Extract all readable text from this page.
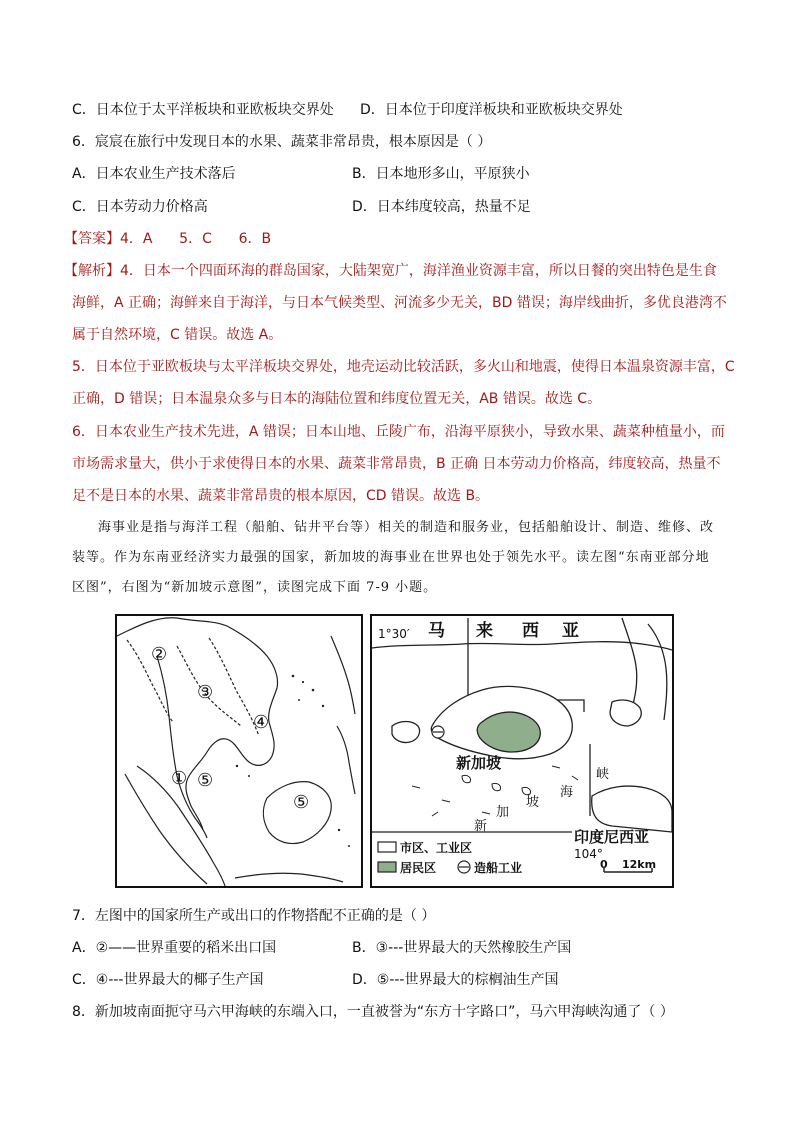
C．日本位于太平洋板块和亚欧板块交界处 D．日本位于印度洋板块和亚欧板块交界处
6．宸宸在旅行中发现日本的水果、蔬菜非常昂贵，根本原因是（ ）
A．日本农业生产技术落后	B．日本地形多山，平原狭小
C．日本劳动力价格高	D．日本纬度较高，热量不足
【答案】4．A      5．C      6．B
【解析】4．日本一个四面环海的群岛国家，大陆架宽广，海洋渔业资源丰富，所以日餐的突出特色是生食
海鲜，A 正确；海鲜来自于海洋，与日本气候类型、河流多少无关，BD 错误；海岸线曲折，多优良港湾不
属于自然环境，C 错误。故选 A。
5．日本位于亚欧板块与太平洋板块交界处，地壳运动比较活跃，多火山和地震，使得日本温泉资源丰富，C
正确，D 错误；日本温泉众多与日本的海陆位置和纬度位置无关，AB 错误。故选 C。
6．日本农业生产技术先进，A 错误；日本山地、丘陵广布，沿海平原狭小，导致水果、蔬菜种植量小，而
市场需求量大，供小于求使得日本的水果、蔬菜非常昂贵，B 正确 日本劳动力价格高，纬度较高，热量不
足不是日本的水果、蔬菜非常昂贵的根本原因，CD 错误。故选 B。
海事业是指与海洋工程（船舶、钻井平台等）相关的制造和服务业，包括船舶设计、制造、维修、改
装等。作为东南亚经济实力最强的国家，新加坡的海事业在世界也处于领先水平。读左图“东南亚部分地
区图”，右图为“新加坡示意图”，读图完成下面 7-9 小题。
②
③
④
① ⑤
⑤
1°30′ 马 来 西 亚
新加坡
新
加
坡
海
峡
印度尼西亚
104°
市区、工业区
居民区	造船工业	0 12km
7．左图中的国家所生产或出口的作物搭配不正确的是（ ）
A．②——世界重要的稻米出口国	B．③---世界最大的天然橡胶生产国
C．④---世界最大的椰子生产国	D．⑤---世界最大的棕榈油生产国
8．新加坡南面扼守马六甲海峡的东端入口，一直被誉为“东方十字路口”，马六甲海峡沟通了（ ）
